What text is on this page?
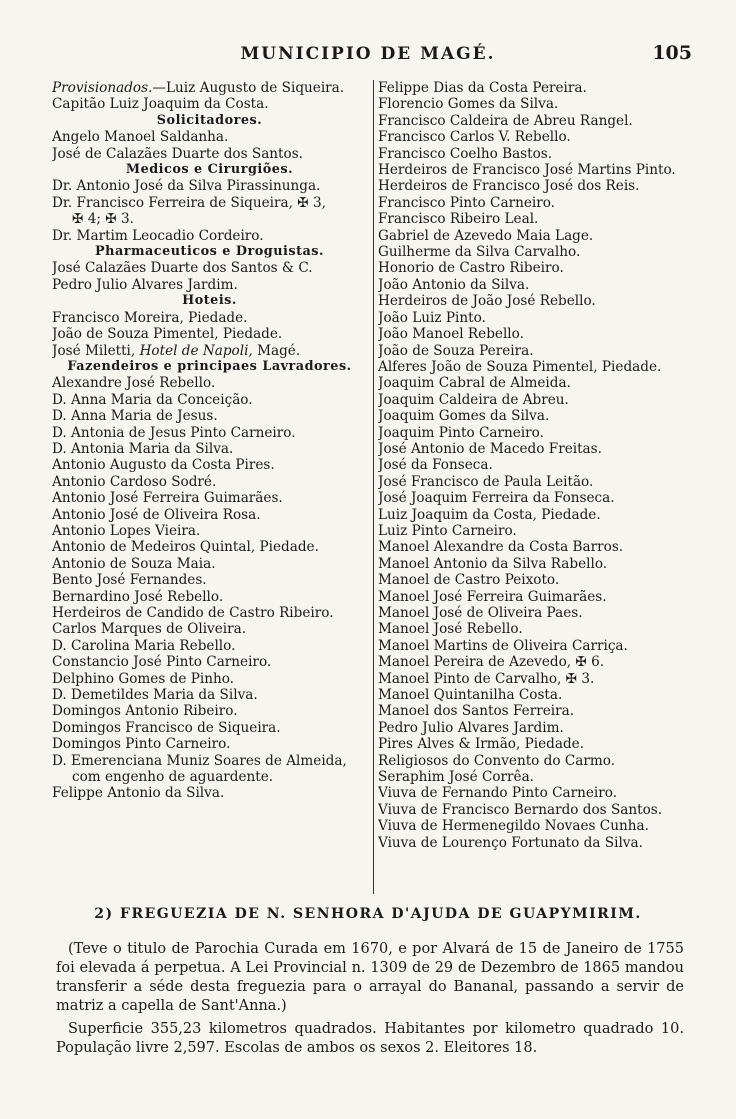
MUNICIPIO DE MAGÉ.	105
Provisionados.—Luiz Augusto de Siqueira.
Capitão Luiz Joaquim da Costa.
Solicitadores.
Angelo Manoel Saldanha.
José de Calazães Duarte dos Santos.
Medicos e Cirurgiões.
Dr. Antonio José da Silva Pirassinunga.
Dr. Francisco Ferreira de Siqueira, ✠ 3,
✠ 4; ✠ 3.
Dr. Martim Leocadio Cordeiro.
Pharmaceuticos e Droguistas.
José Calazães Duarte dos Santos & C.
Pedro Julio Alvares Jardim.
Hoteis.
Francisco Moreira, Piedade.
João de Souza Pimentel, Piedade.
José Miletti, Hotel de Napoli, Magé.
Fazendeiros e principaes Lavradores.
Alexandre José Rebello.
D. Anna Maria da Conceição.
D. Anna Maria de Jesus.
D. Antonia de Jesus Pinto Carneiro.
D. Antonia Maria da Silva.
Antonio Augusto da Costa Pires.
Antonio Cardoso Sodré.
Antonio José Ferreira Guimarães.
Antonio José de Oliveira Rosa.
Antonio Lopes Vieira.
Antonio de Medeiros Quintal, Piedade.
Antonio de Souza Maia.
Bento José Fernandes.
Bernardino José Rebello.
Herdeiros de Candido de Castro Ribeiro.
Carlos Marques de Oliveira.
D. Carolina Maria Rebello.
Constancio José Pinto Carneiro.
Delphino Gomes de Pinho.
D. Demetildes Maria da Silva.
Domingos Antonio Ribeiro.
Domingos Francisco de Siqueira.
Domingos Pinto Carneiro.
D. Emerenciana Muniz Soares de Almeida,
com engenho de aguardente.
Felippe Antonio da Silva.
Felippe Dias da Costa Pereira.
Florencio Gomes da Silva.
Francisco Caldeira de Abreu Rangel.
Francisco Carlos V. Rebello.
Francisco Coelho Bastos.
Herdeiros de Francisco José Martins Pinto.
Herdeiros de Francisco José dos Reis.
Francisco Pinto Carneiro.
Francisco Ribeiro Leal.
Gabriel de Azevedo Maia Lage.
Guilherme da Silva Carvalho.
Honorio de Castro Ribeiro.
João Antonio da Silva.
Herdeiros de João José Rebello.
João Luiz Pinto.
João Manoel Rebello.
João de Souza Pereira.
Alferes João de Souza Pimentel, Piedade.
Joaquim Cabral de Almeida.
Joaquim Caldeira de Abreu.
Joaquim Gomes da Silva.
Joaquim Pinto Carneiro.
José Antonio de Macedo Freitas.
José da Fonseca.
José Francisco de Paula Leitão.
José Joaquim Ferreira da Fonseca.
Luiz Joaquim da Costa, Piedade.
Luiz Pinto Carneiro.
Manoel Alexandre da Costa Barros.
Manoel Antonio da Silva Rabello.
Manoel de Castro Peixoto.
Manoel José Ferreira Guimarães.
Manoel José de Oliveira Paes.
Manoel José Rebello.
Manoel Martins de Oliveira Carriça.
Manoel Pereira de Azevedo, ✠ 6.
Manoel Pinto de Carvalho, ✠ 3.
Manoel Quintanilha Costa.
Manoel dos Santos Ferreira.
Pedro Julio Alvares Jardim.
Pires Alves & Irmão, Piedade.
Religiosos do Convento do Carmo.
Seraphim José Corrêa.
Viuva de Fernando Pinto Carneiro.
Viuva de Francisco Bernardo dos Santos.
Viuva de Hermenegildo Novaes Cunha.
Viuva de Lourenço Fortunato da Silva.
2) FREGUEZIA DE N. SENHORA D'AJUDA DE GUAPYMIRIM.
(Teve o titulo de Parochia Curada em 1670, e por Alvará de 15 de Janeiro de 1755 foi elevada á perpetua. A Lei Provincial n. 1309 de 29 de Dezembro de 1865 mandou transferir a séde desta freguezia para o arrayal do Bananal, passando a servir de matriz a capella de Sant'Anna.)
Superficie 355,23 kilometros quadrados. Habitantes por kilometro quadrado 10. População livre 2,597. Escolas de ambos os sexos 2. Eleitores 18.
